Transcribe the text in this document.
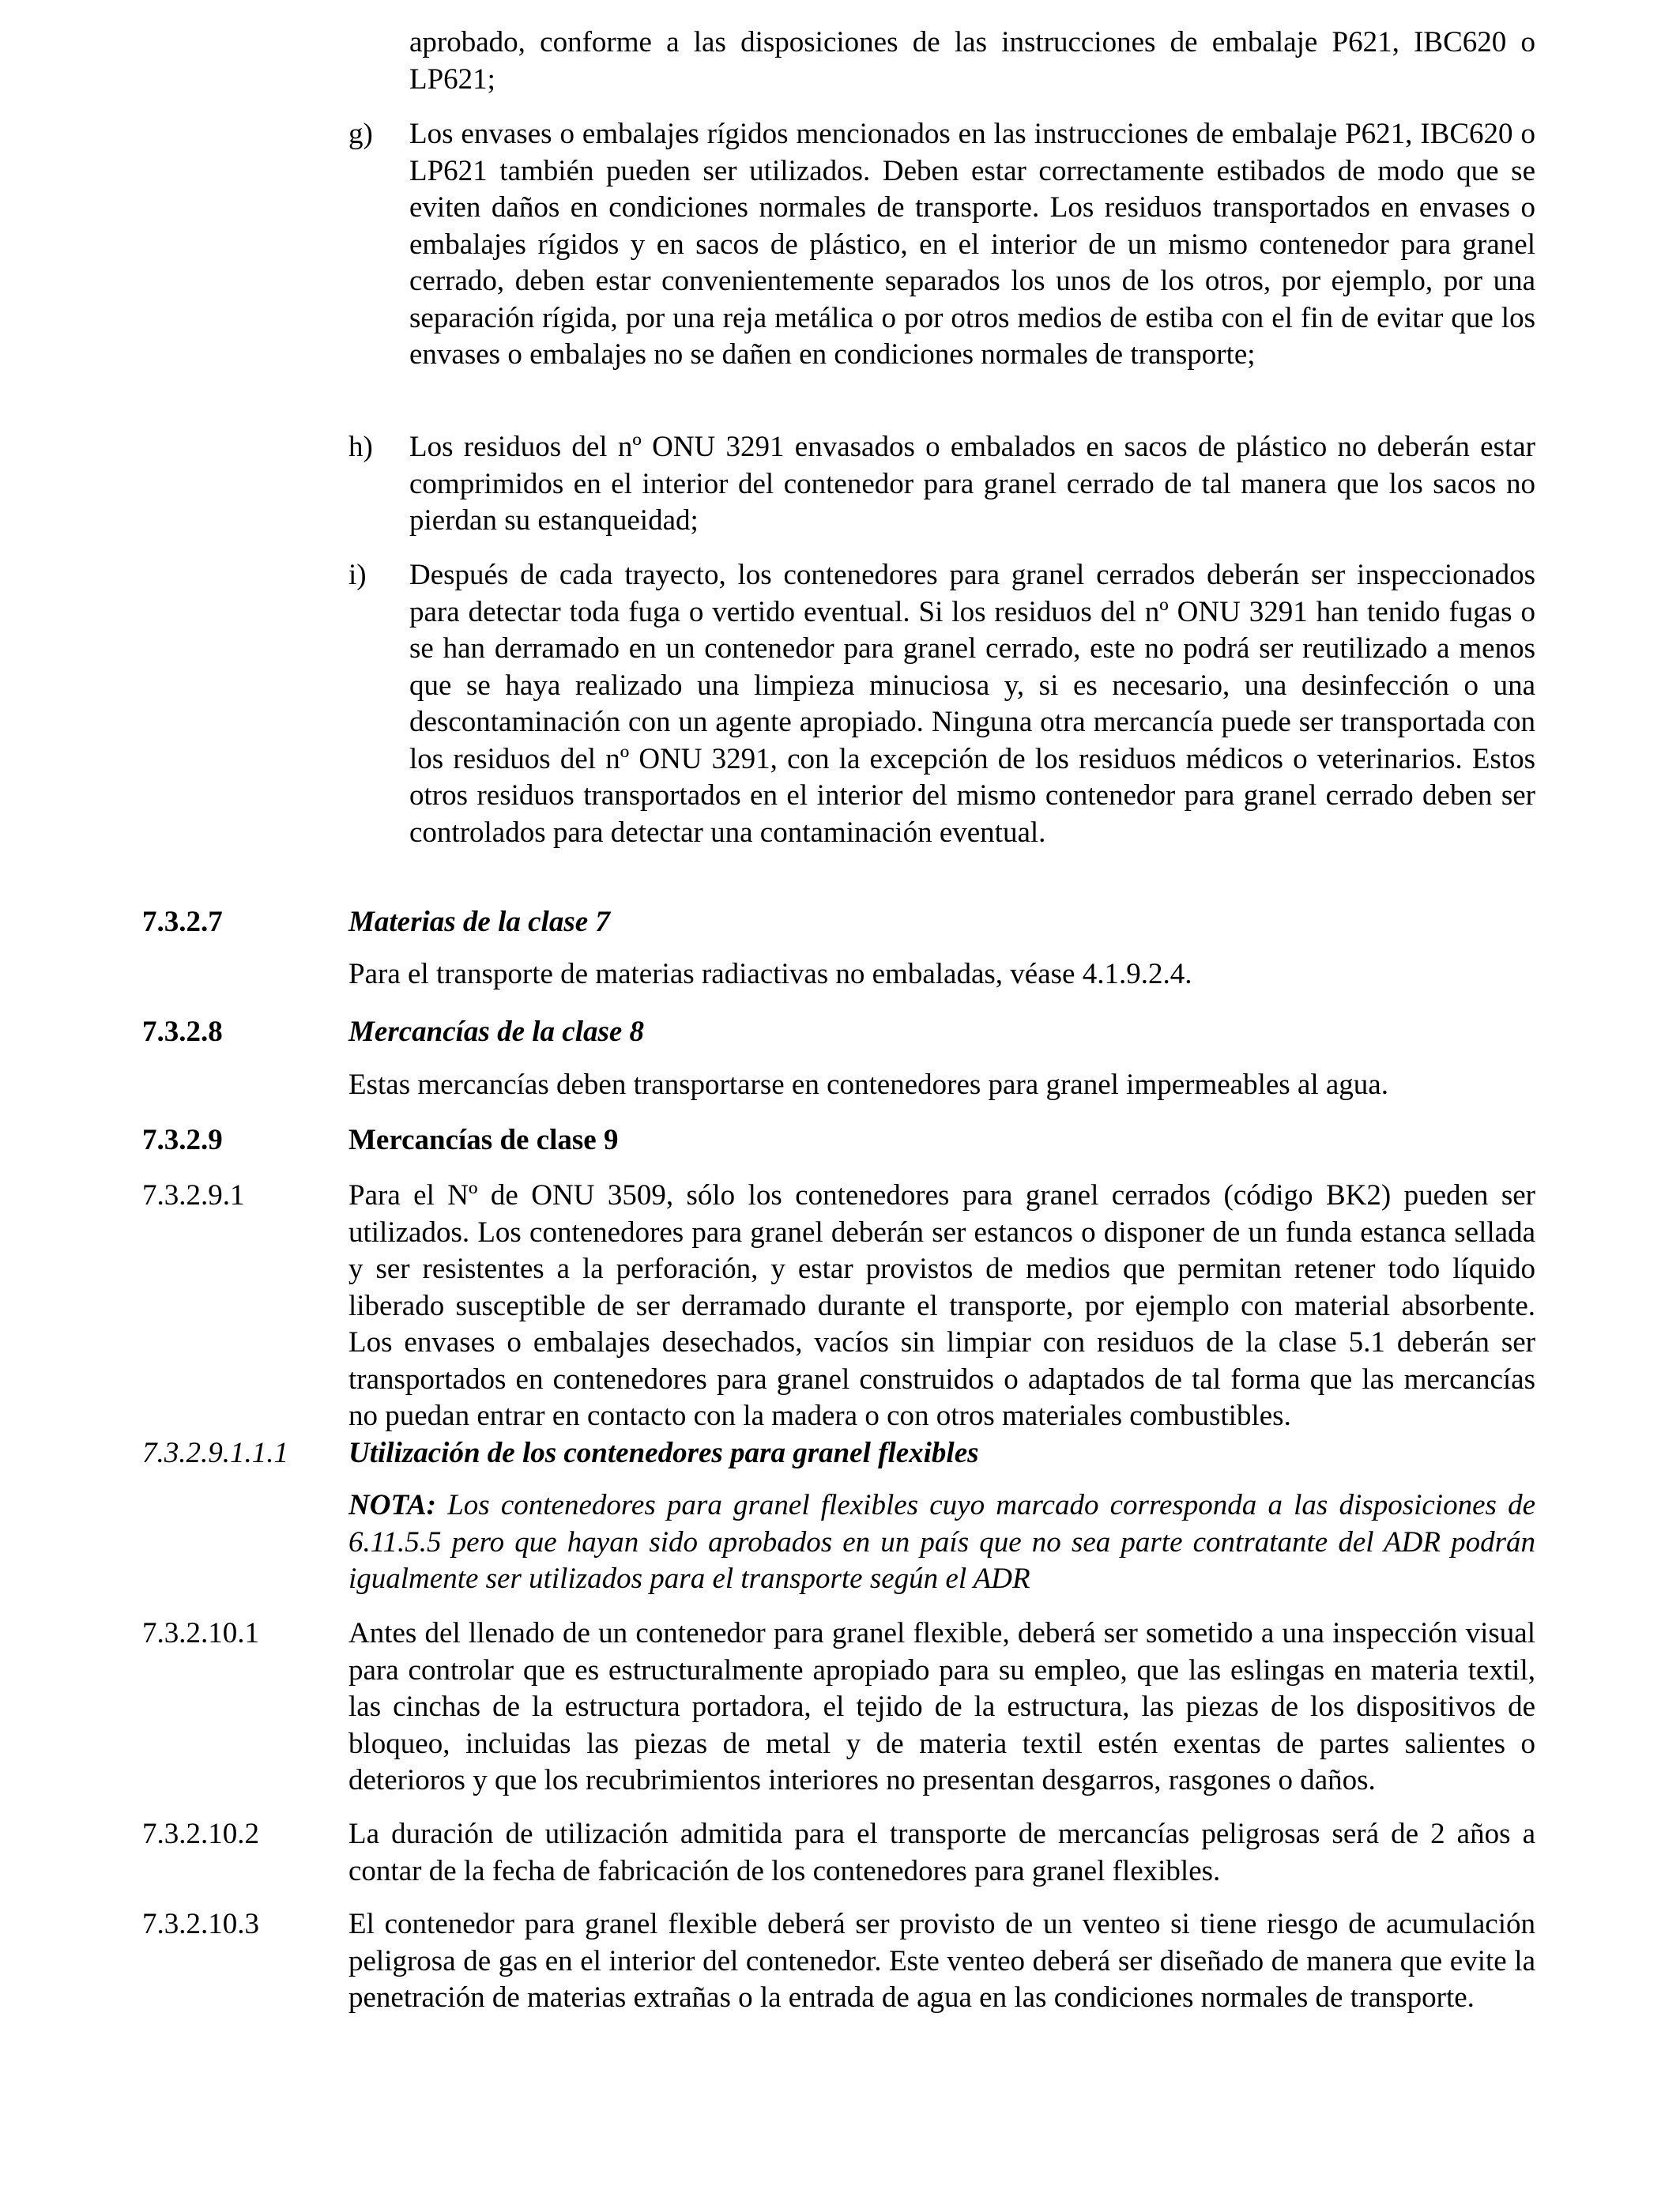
aprobado, conforme a las disposiciones de las instrucciones de embalaje P621, IBC620 o LP621;

g) Los envases o embalajes rígidos mencionados en las instrucciones de embalaje P621, IBC620 o LP621 también pueden ser utilizados. Deben estar correctamente estibados de modo que se eviten daños en condiciones normales de transporte. Los residuos transportados en envases o embalajes rígidos y en sacos de plástico, en el interior de un mismo contenedor para granel cerrado, deben estar convenientemente separados los unos de los otros, por ejemplo, por una separación rígida, por una reja metálica o por otros medios de estiba con el fin de evitar que los envases o embalajes no se dañen en condiciones normales de transporte;

h) Los residuos del nº ONU 3291 envasados o embalados en sacos de plástico no deberán estar comprimidos en el interior del contenedor para granel cerrado de tal manera que los sacos no pierdan su estanqueidad;

i) Después de cada trayecto, los contenedores para granel cerrados deberán ser inspeccionados para detectar toda fuga o vertido eventual. Si los residuos del nº ONU 3291 han tenido fugas o se han derramado en un contenedor para granel cerrado, este no podrá ser reutilizado a menos que se haya realizado una limpieza minuciosa y, si es necesario, una desinfección o una descontaminación con un agente apropiado. Ninguna otra mercancía puede ser transportada con los residuos del nº ONU 3291, con la excepción de los residuos médicos o veterinarios. Estos otros residuos transportados en el interior del mismo contenedor para granel cerrado deben ser controlados para detectar una contaminación eventual.

7.3.2.7	Materias de la clase 7

Para el transporte de materias radiactivas no embaladas, véase 4.1.9.2.4.

7.3.2.8	Mercancías de la clase 8

Estas mercancías deben transportarse en contenedores para granel impermeables al agua.

7.3.2.9	Mercancías de clase 9

7.3.2.9.1	Para el Nº de ONU 3509, sólo los contenedores para granel cerrados (código BK2) pueden ser utilizados. Los contenedores para granel deberán ser estancos o disponer de un funda estanca sellada y ser resistentes a la perforación, y estar provistos de medios que permitan retener todo líquido liberado susceptible de ser derramado durante el transporte, por ejemplo con material absorbente. Los envases o embalajes desechados, vacíos sin limpiar con residuos de la clase 5.1 deberán ser transportados en contenedores para granel construidos o adaptados de tal forma que las mercancías no puedan entrar en contacto con la madera o con otros materiales combustibles.

7.3.2.9.1.1.1	Utilización de los contenedores para granel flexibles

NOTA: Los contenedores para granel flexibles cuyo marcado corresponda a las disposiciones de 6.11.5.5 pero que hayan sido aprobados en un país que no sea parte contratante del ADR podrán igualmente ser utilizados para el transporte según el ADR

7.3.2.10.1	Antes del llenado de un contenedor para granel flexible, deberá ser sometido a una inspección visual para controlar que es estructuralmente apropiado para su empleo, que las eslingas en materia textil, las cinchas de la estructura portadora, el tejido de la estructura, las piezas de los dispositivos de bloqueo, incluidas las piezas de metal y de materia textil estén exentas de partes salientes o deterioros y que los recubrimientos interiores no presentan desgarros, rasgones o daños.

7.3.2.10.2	La duración de utilización admitida para el transporte de mercancías peligrosas será de 2 años a contar de la fecha de fabricación de los contenedores para granel flexibles.

7.3.2.10.3	El contenedor para granel flexible deberá ser provisto de un venteo si tiene riesgo de acumulación peligrosa de gas en el interior del contenedor. Este venteo deberá ser diseñado de manera que evite la penetración de materias extrañas o la entrada de agua en las condiciones normales de transporte.
